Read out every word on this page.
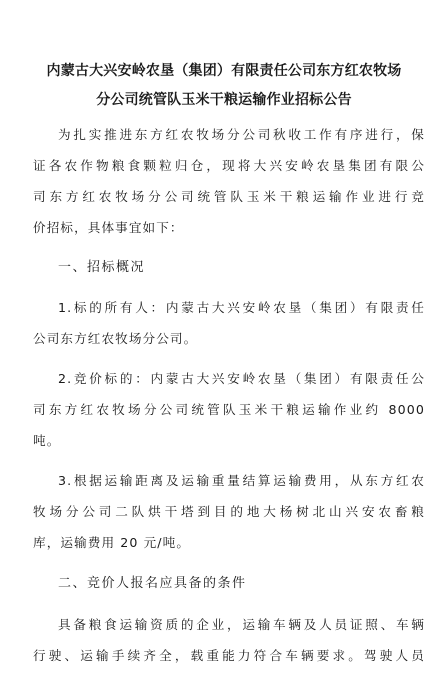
内蒙古大兴安岭农垦（集团）有限责任公司东方红农牧场
分公司统管队玉米干粮运输作业招标公告
为扎实推进东方红农牧场分公司秋收工作有序进行，保
证各农作物粮食颗粒归仓，现将大兴安岭农垦集团有限公
司东方红农牧场分公司统管队玉米干粮运输作业进行竞
价招标，具体事宜如下：
一、招标概况
1.标的所有人：内蒙古大兴安岭农垦（集团）有限责任
公司东方红农牧场分公司。
2.竞价标的：内蒙古大兴安岭农垦（集团）有限责任公
司东方红农牧场分公司统管队玉米干粮运输作业约 8000
吨。
3.根据运输距离及运输重量结算运输费用，从东方红农
牧场分公司二队烘干塔到目的地大杨树北山兴安农畜粮
库，运输费用 20 元/吨。
二、竞价人报名应具备的条件
具备粮食运输资质的企业，运输车辆及人员证照、车辆
行驶、运输手续齐全，载重能力符合车辆要求。驾驶人员
